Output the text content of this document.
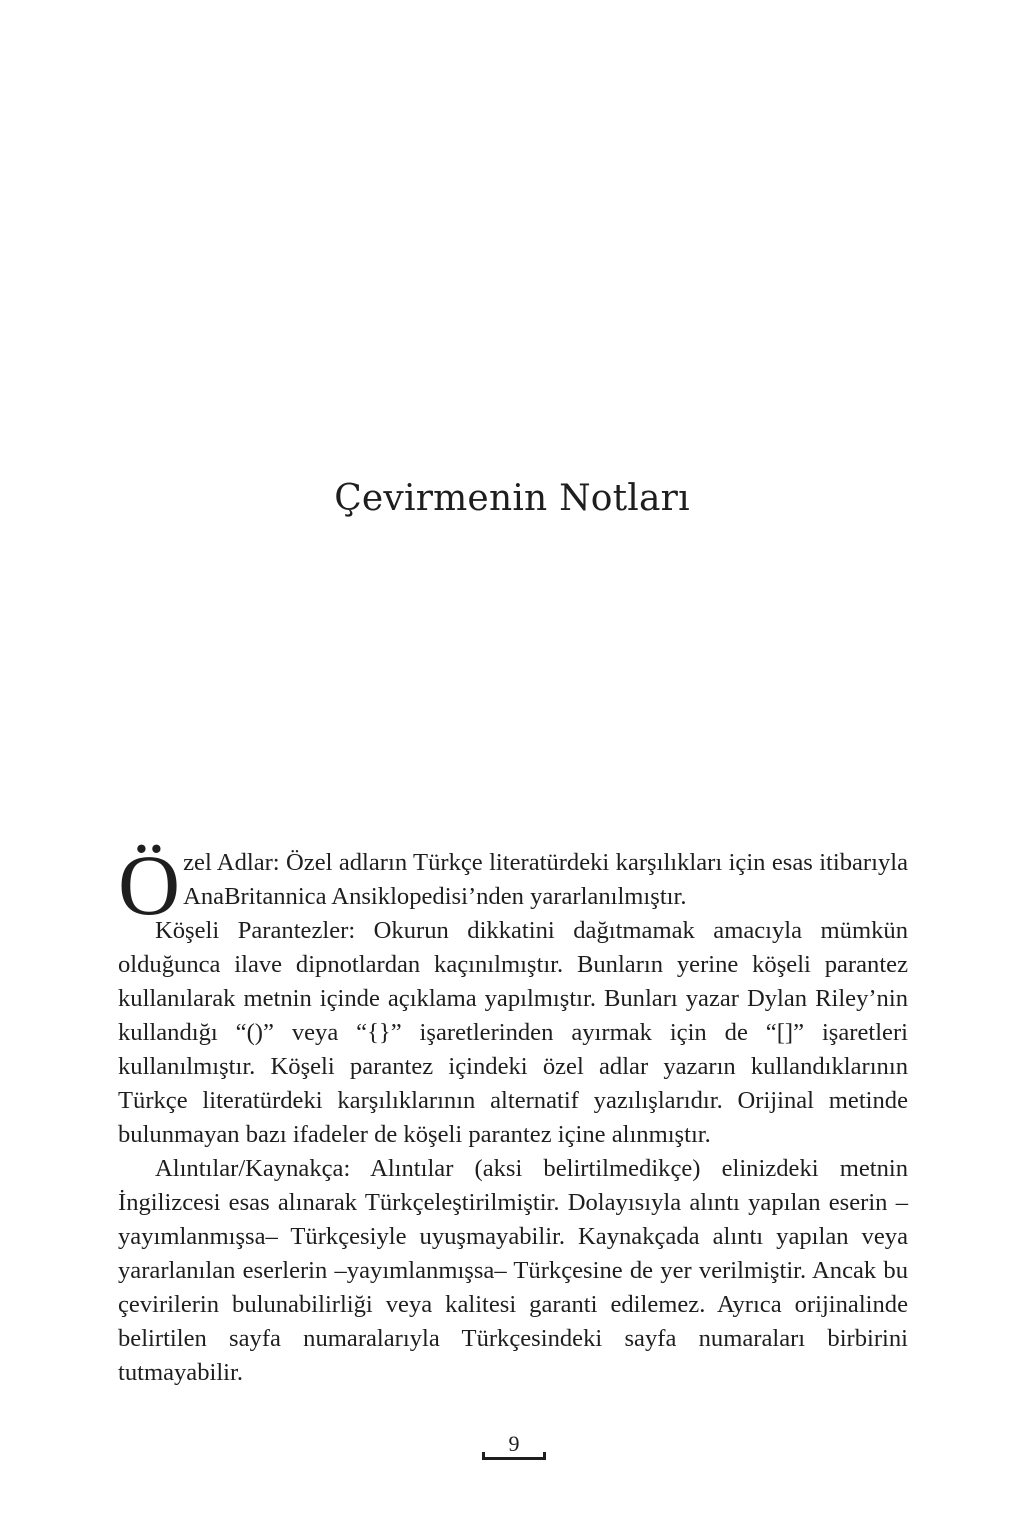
Çevirmenin Notları

Özel Adlar: Özel adların Türkçe literatürdeki karşılıkları için esas itibarıyla AnaBritannica Ansiklopedisi’nden yararlanılmıştır.

Köşeli Parantezler: Okurun dikkatini dağıtmamak amacıyla mümkün olduğunca ilave dipnotlardan kaçınılmıştır. Bunların yerine köşeli parantez kullanılarak metnin içinde açıklama yapılmıştır. Bunları yazar Dylan Riley’nin kullandığı “()” veya “{}” işaretlerinden ayırmak için de “[]” işaretleri kullanılmıştır. Köşeli parantez içindeki özel adlar yazarın kullandıklarının Türkçe literatürdeki karşılıklarının alternatif yazılışlarıdır. Orijinal metinde bulunmayan bazı ifadeler de köşeli parantez içine alınmıştır.

Alıntılar/Kaynakça: Alıntılar (aksi belirtilmedikçe) elinizdeki metnin İngilizcesi esas alınarak Türkçeleştirilmiştir. Dolayısıyla alıntı yapılan eserin –yayımlanmışsa– Türkçesiyle uyuşmayabilir. Kaynakçada alıntı yapılan veya yararlanılan eserlerin –yayımlanmışsa– Türkçesine de yer verilmiştir. Ancak bu çevirilerin bulunabilirliği veya kalitesi garanti edilemez. Ayrıca orijinalinde belirtilen sayfa numaralarıyla Türkçesindeki sayfa numaraları birbirini tutmayabilir.

9
